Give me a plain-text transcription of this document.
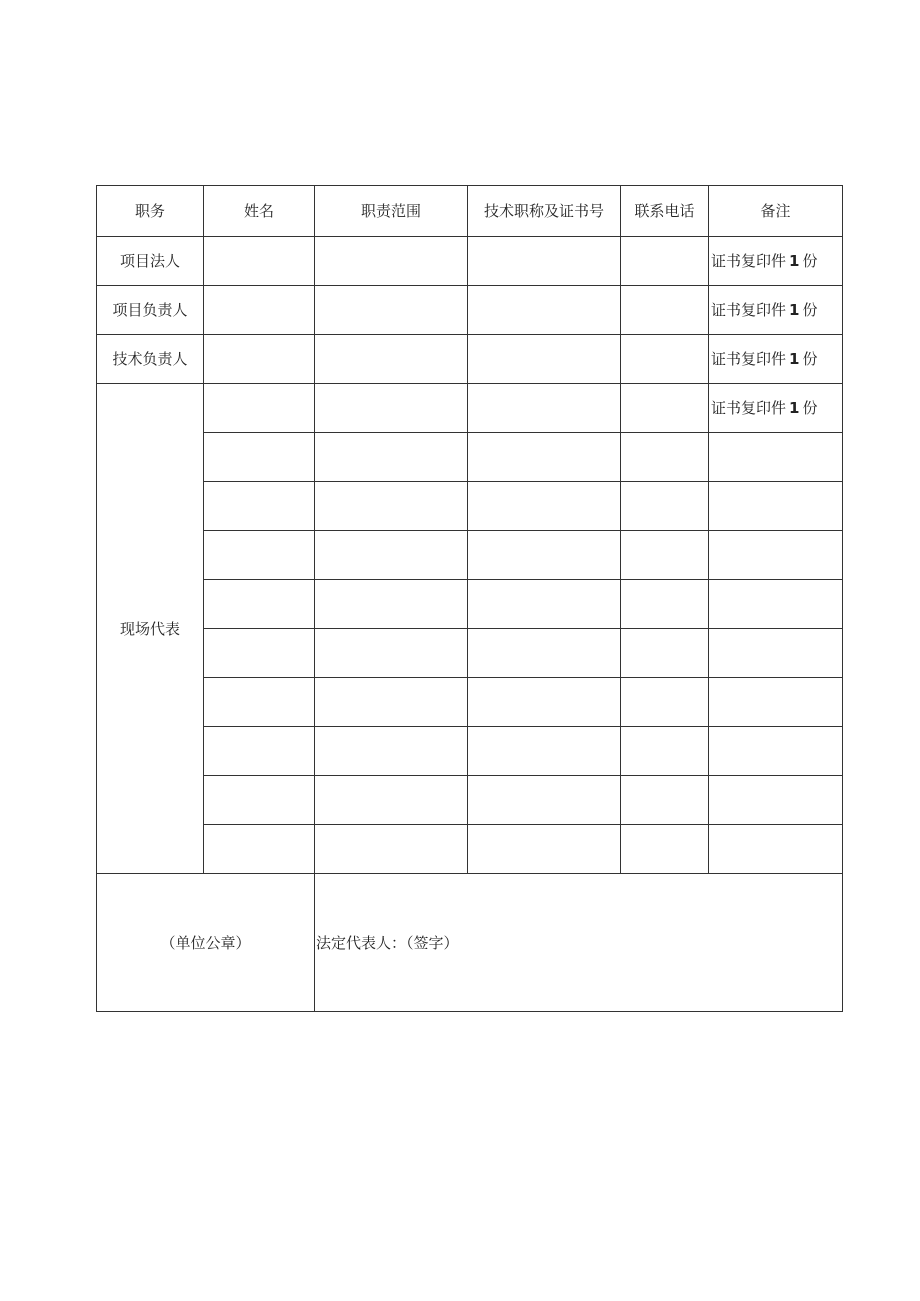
职务	姓名	职责范围	技术职称及证书号	联系电话	备注
项目法人					证书复印件 1 份
项目负责人					证书复印件 1 份
技术负责人					证书复印件 1 份
现场代表					证书复印件 1 份

（单位公章）		法定代表人：（签字）			
